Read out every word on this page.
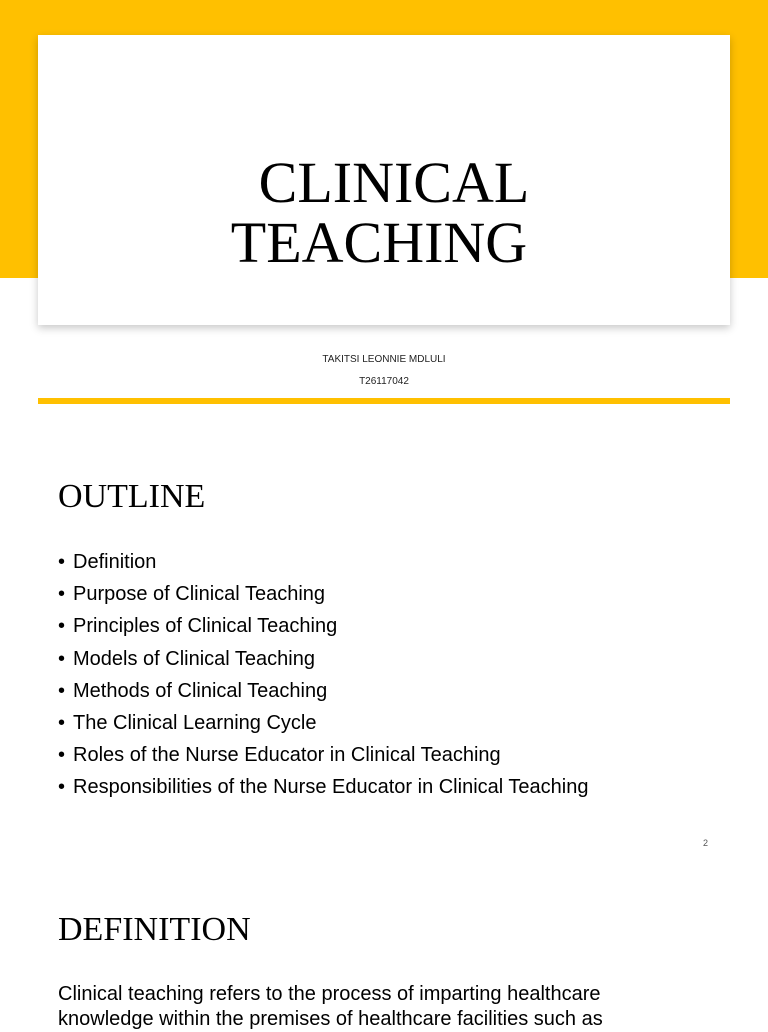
CLINICAL
TEACHING
TAKITSI LEONNIE MDLULI
T26117042
OUTLINE
• Definition
• Purpose of Clinical Teaching
• Principles of Clinical Teaching
• Models of Clinical Teaching
• Methods of Clinical Teaching
• The Clinical Learning Cycle
• Roles of the Nurse Educator in Clinical Teaching
• Responsibilities of the Nurse Educator in Clinical Teaching
2
DEFINITION

Clinical teaching refers to the process of imparting healthcare knowledge within the premises of healthcare facilities such as
